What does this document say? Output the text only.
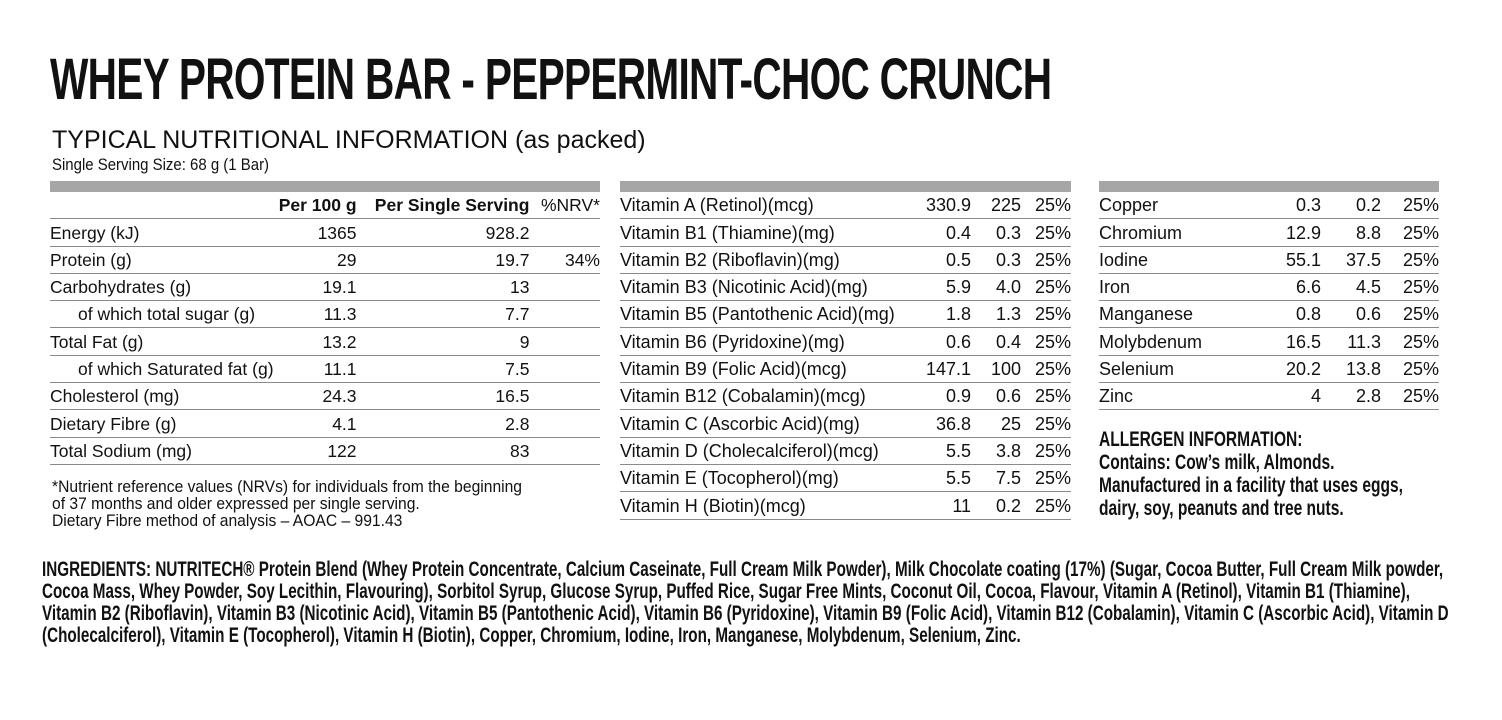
WHEY PROTEIN BAR - PEPPERMINT-CHOC CRUNCH
TYPICAL NUTRITIONAL INFORMATION (as packed)
Single Serving Size: 68 g (1 Bar)
	Per 100 g	Per Single Serving	%NRV*
Energy (kJ)	1365	928.2	
Protein (g)	29	19.7	34%
Carbohydrates (g)	19.1	13	
of which total sugar (g)	11.3	7.7	
Total Fat (g)	13.2	9	
of which Saturated fat (g)	11.1	7.5	
Cholesterol (mg)	24.3	16.5	
Dietary Fibre (g)	4.1	2.8	
Total Sodium (mg)	122	83	
*Nutrient reference values (NRVs) for individuals from the beginning
of 37 months and older expressed per single serving.
Dietary Fibre method of analysis – AOAC – 991.43
Vitamin A (Retinol)(mcg)	330.9	225	25%
Vitamin B1 (Thiamine)(mg)	0.4	0.3	25%
Vitamin B2 (Riboflavin)(mg)	0.5	0.3	25%
Vitamin B3 (Nicotinic Acid)(mg)	5.9	4.0	25%
Vitamin B5 (Pantothenic Acid)(mg)	1.8	1.3	25%
Vitamin B6 (Pyridoxine)(mg)	0.6	0.4	25%
Vitamin B9 (Folic Acid)(mcg)	147.1	100	25%
Vitamin B12 (Cobalamin)(mcg)	0.9	0.6	25%
Vitamin C (Ascorbic Acid)(mg)	36.8	25	25%
Vitamin D (Cholecalciferol)(mcg)	5.5	3.8	25%
Vitamin E (Tocopherol)(mg)	5.5	7.5	25%
Vitamin H (Biotin)(mcg)	11	0.2	25%
Copper	0.3	0.2	25%
Chromium	12.9	8.8	25%
Iodine	55.1	37.5	25%
Iron	6.6	4.5	25%
Manganese	0.8	0.6	25%
Molybdenum	16.5	11.3	25%
Selenium	20.2	13.8	25%
Zinc	4	2.8	25%
ALLERGEN INFORMATION:
Contains: Cow’s milk, Almonds.
Manufactured in a facility that uses eggs, dairy, soy, peanuts and tree nuts.
INGREDIENTS: NUTRITECH® Protein Blend (Whey Protein Concentrate, Calcium Caseinate, Full Cream Milk Powder), Milk Chocolate coating (17%) (Sugar, Cocoa Butter, Full Cream Milk powder, Cocoa Mass, Whey Powder, Soy Lecithin, Flavouring), Sorbitol Syrup, Glucose Syrup, Puffed Rice, Sugar Free Mints, Coconut Oil, Cocoa, Flavour, Vitamin A (Retinol), Vitamin B1 (Thiamine), Vitamin B2 (Riboflavin), Vitamin B3 (Nicotinic Acid), Vitamin B5 (Pantothenic Acid), Vitamin B6 (Pyridoxine), Vitamin B9 (Folic Acid), Vitamin B12 (Cobalamin), Vitamin C (Ascorbic Acid), Vitamin D (Cholecalciferol), Vitamin E (Tocopherol), Vitamin H (Biotin), Copper, Chromium, Iodine, Iron, Manganese, Molybdenum, Selenium, Zinc.
